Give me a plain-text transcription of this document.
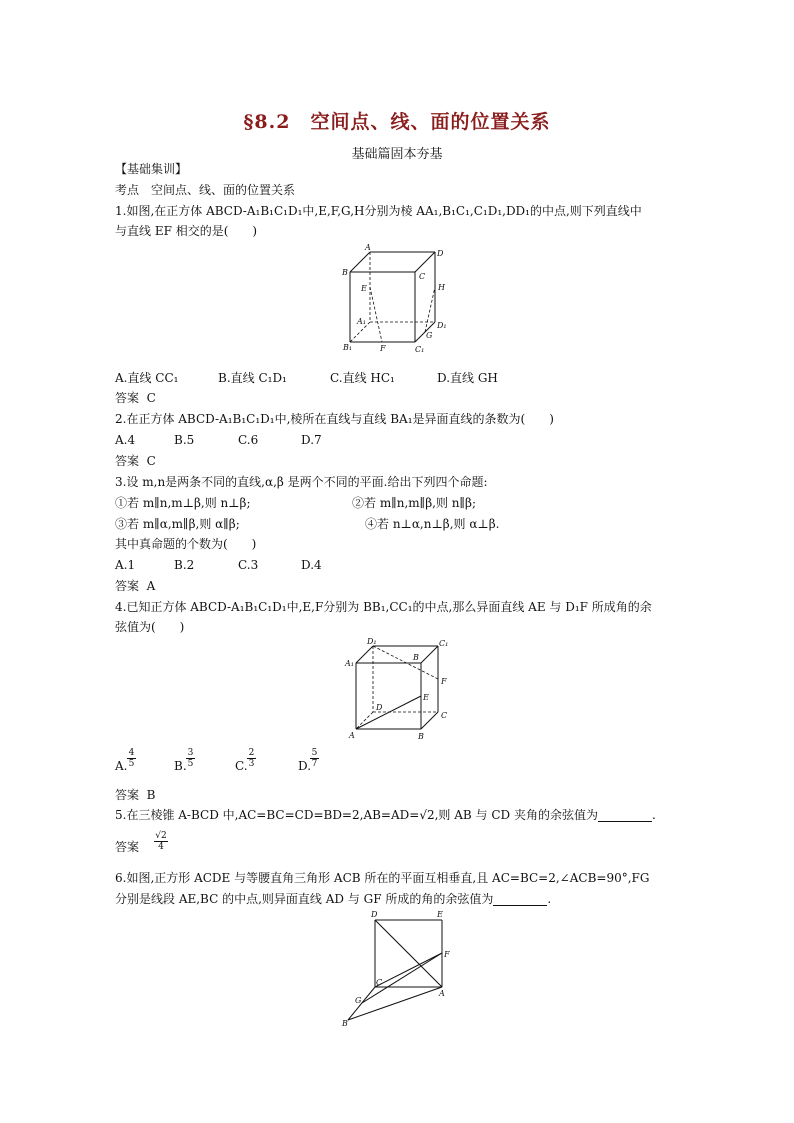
§8.2　空间点、线、面的位置关系
基础篇固本夯基
【基础集训】
考点　空间点、线、面的位置关系
1.如图,在正方体 ABCD-A₁B₁C₁D₁中,E,F,G,H分别为棱 AA₁,B₁C₁,C₁D₁,DD₁的中点,则下列直线中
与直线 EF 相交的是(　　)
A
D
B	C
E	H
A₁	D₁
B₁	F
G
C₁
A.直线 CC₁	B.直线 C₁D₁	C.直线 HC₁	D.直线 GH
答案 C
2.在正方体 ABCD-A₁B₁C₁D₁中,棱所在直线与直线 BA₁是异面直线的条数为(　　)
A.4	B.5	C.6	D.7
答案 C
3.设 m,n是两条不同的直线,α,β 是两个不同的平面.给出下列四个命题:
①若 m∥n,m⊥β,则 n⊥β;	②若 m∥n,m∥β,则 n∥β;
③若 m∥α,m∥β,则 α∥β;	④若 n⊥α,n⊥β,则 α⊥β.
其中真命题的个数为(　　)
A.1	B.2	C.3	D.4
答案 A
4.已知正方体 ABCD-A₁B₁C₁D₁中,E,F分别为 BB₁,CC₁的中点,那么异面直线 AE 与 D₁F 所成角的余
弦值为(　　)
D₁	C₁
A₁
B
F
E
D
C
A	B
A. $\frac{4}{5}$	B. $\frac{3}{5}$	C. $\frac{2}{3}$	D.
$\frac{5}{7}$
答案 B
5.在三棱锥 A-BCD 中,AC=BC=CD=BD=2,AB=AD=√2,则 AB 与 CD 夹角的余弦值为	.
答案 $\frac{√2}{4}$
6.如图,正方形 ACDE 与等腰直角三角形 ACB 所在的平面互相垂直,且 AC=BC=2,∠ACB=90°,FG
分别是线段 AE,BC 的中点,则异面直线 AD 与 GF 所成的角的余弦值为	.
D	E
F
C
G
A
B
